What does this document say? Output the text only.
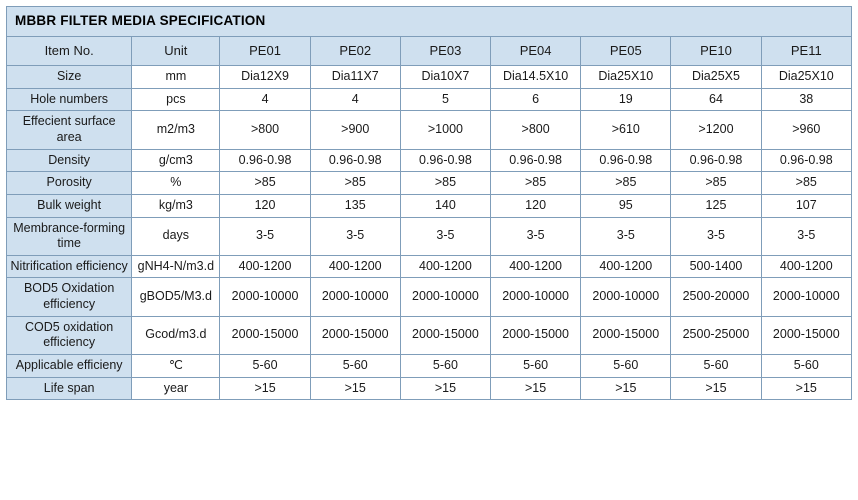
MBBR FILTER MEDIA SPECIFICATION								
Item No.	Unit	PE01	PE02	PE03	PE04	PE05	PE10	PE11
Size	mm	Dia12X9	Dia11X7	Dia10X7	Dia14.5X10	Dia25X10	Dia25X5	Dia25X10
Hole numbers	pcs	4	4	5	6	19	64	38
Effecient surface area	m2/m3	>800	>900	>1000	>800	>610	>1200	>960
Density	g/cm3	0.96-0.98	0.96-0.98	0.96-0.98	0.96-0.98	0.96-0.98	0.96-0.98	0.96-0.98
Porosity	%	>85	>85	>85	>85	>85	>85	>85
Bulk weight	kg/m3	120	135	140	120	95	125	107
Membrance-forming time	days	3-5	3-5	3-5	3-5	3-5	3-5	3-5
Nitrification efficiency	gNH4-N/m3.d	400-1200	400-1200	400-1200	400-1200	400-1200	500-1400	400-1200
BOD5 Oxidation efficiency	gBOD5/M3.d	2000-10000	2000-10000	2000-10000	2000-10000	2000-10000	2500-20000	2000-10000
COD5 oxidation efficiency	Gcod/m3.d	2000-15000	2000-15000	2000-15000	2000-15000	2000-15000	2500-25000	2000-15000
Applicable efficieny	℃	5-60	5-60	5-60	5-60	5-60	5-60	5-60
Life span	year	>15	>15	>15	>15	>15	>15	>15
